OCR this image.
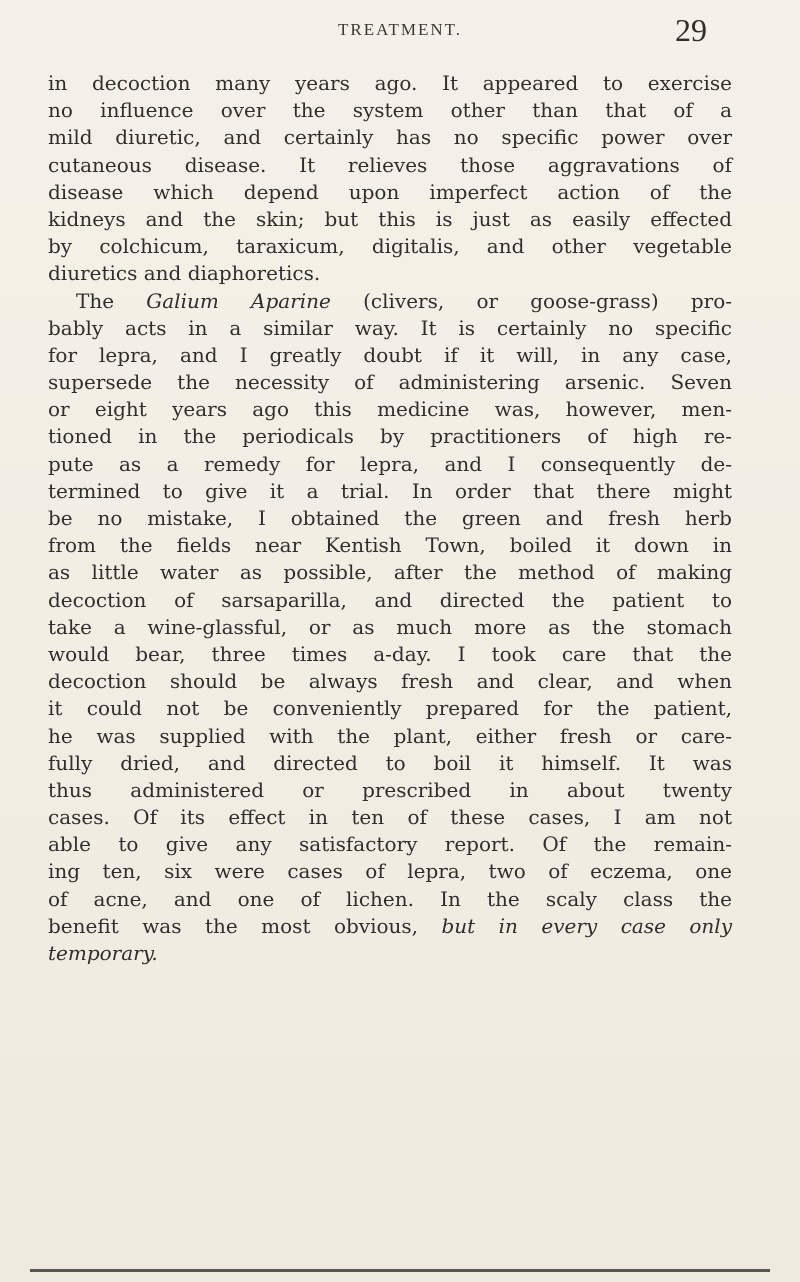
TREATMENT.	29
in decoction many years ago. It appeared to exercise
no influence over the system other than that of a
mild diuretic, and certainly has no specific power over
cutaneous disease. It relieves those aggravations of
disease which depend upon imperfect action of the
kidneys and the skin; but this is just as easily effected
by colchicum, taraxicum, digitalis, and other vegetable
diuretics and diaphoretics.
The Galium Aparine (clivers, or goose-grass) pro-
bably acts in a similar way. It is certainly no specific
for lepra, and I greatly doubt if it will, in any case,
supersede the necessity of administering arsenic. Seven
or eight years ago this medicine was, however, men-
tioned in the periodicals by practitioners of high re-
pute as a remedy for lepra, and I consequently de-
termined to give it a trial. In order that there might
be no mistake, I obtained the green and fresh herb
from the fields near Kentish Town, boiled it down in
as little water as possible, after the method of making
decoction of sarsaparilla, and directed the patient to
take a wine-glassful, or as much more as the stomach
would bear, three times a-day. I took care that the
decoction should be always fresh and clear, and when
it could not be conveniently prepared for the patient,
he was supplied with the plant, either fresh or care-
fully dried, and directed to boil it himself. It was
thus administered or prescribed in about twenty
cases. Of its effect in ten of these cases, I am not
able to give any satisfactory report. Of the remain-
ing ten, six were cases of lepra, two of eczema, one
of acne, and one of lichen. In the scaly class the
benefit was the most obvious, but in every case only
temporary.
